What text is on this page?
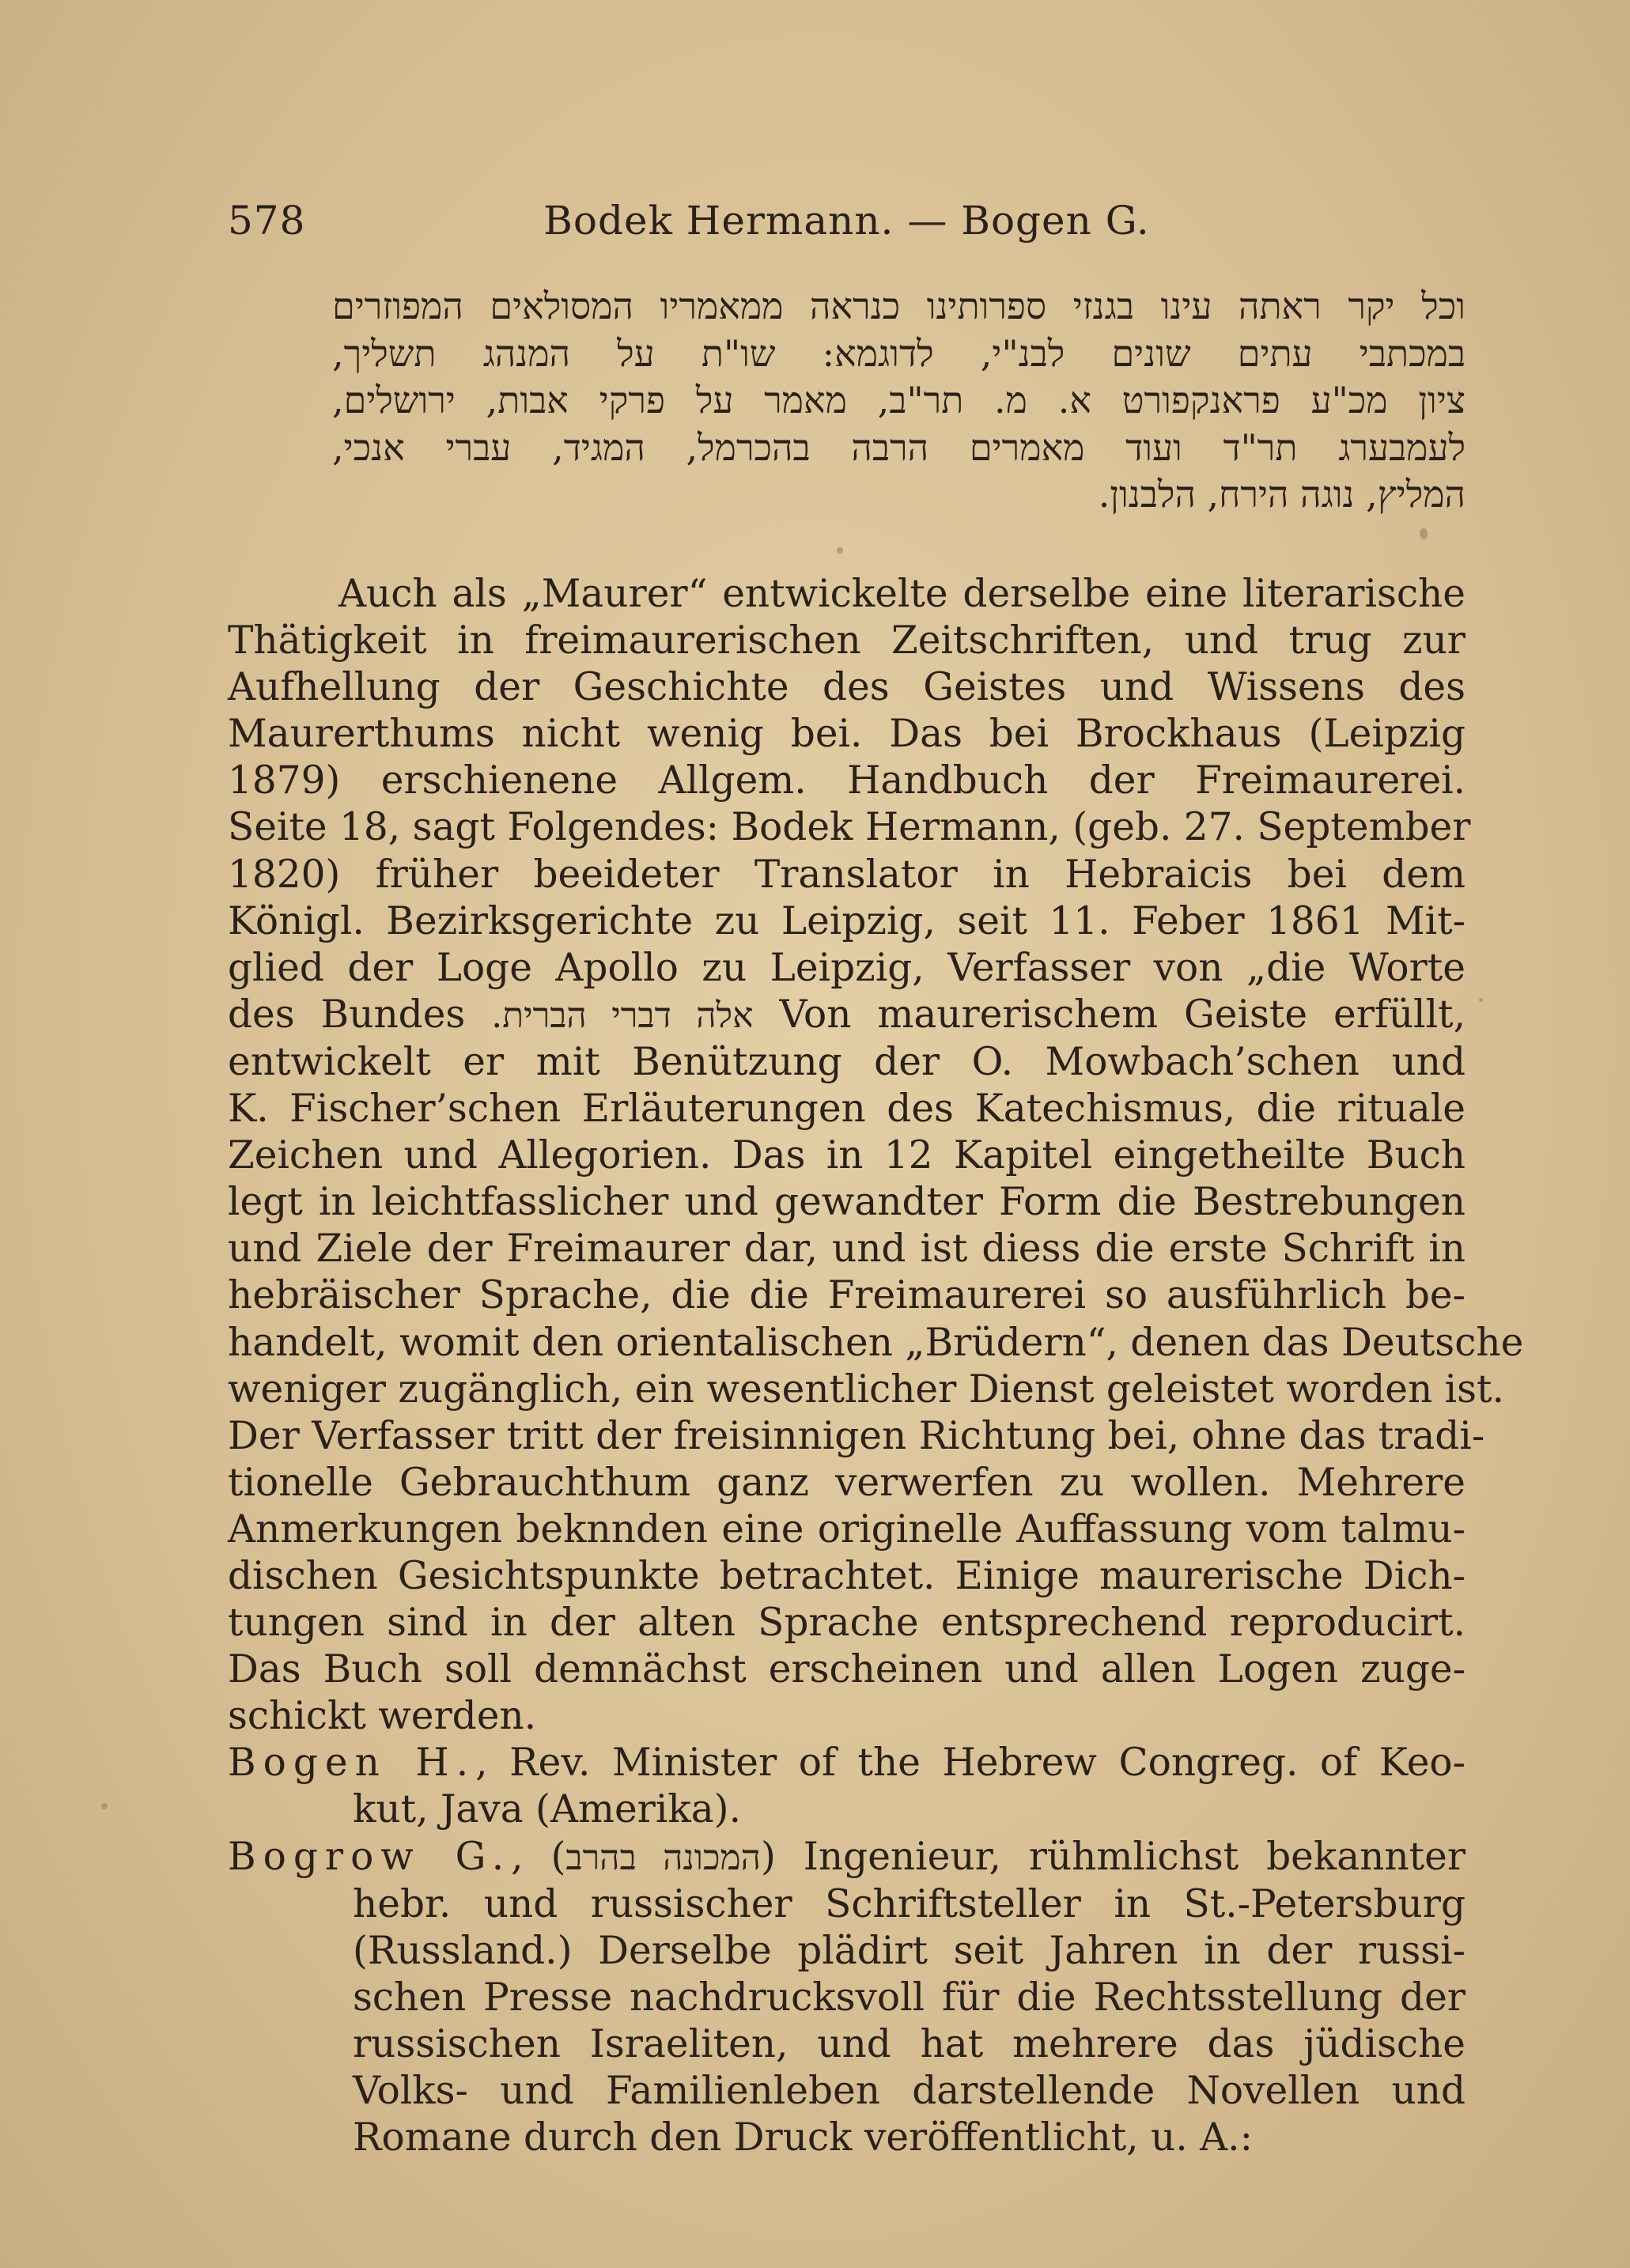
578	Bodek Hermann. — Bogen G.
וכל יקר ראתה עינו בגנזי ספרותינו כנראה ממאמריו המסולאים המפוזרים
במכתבי עתים שונים לבנ"י, לדוגמא: שו"ת על המנהג תשליך,
ציון מכ"ע פראנקפורט א. מ. תר"ב, מאמר על פרקי אבות, ירושלים,
לעמבערג תר"ד ועוד מאמרים הרבה בהכרמל, המגיד, עברי אנכי,
המליץ, נוגה הירח, הלבנון.
Auch als „Maurer“ entwickelte derselbe eine literarische
Thätigkeit in freimaurerischen Zeitschriften, und trug zur
Aufhellung der Geschichte des Geistes und Wissens des
Maurerthums nicht wenig bei. Das bei Brockhaus (Leipzig
1879) erschienene Allgem. Handbuch der Freimaurerei.
Seite 18, sagt Folgendes: Bodek Hermann, (geb. 27. September
1820) früher beeideter Translator in Hebraicis bei dem
Königl. Bezirksgerichte zu Leipzig, seit 11. Feber 1861 Mit-
glied der Loge Apollo zu Leipzig, Verfasser von „die Worte
des Bundes אלה דברי הברית. Von maurerischem Geiste erfüllt,
entwickelt er mit Benützung der O. Mowbach’schen und
K. Fischer’schen Erläuterungen des Katechismus, die rituale
Zeichen und Allegorien. Das in 12 Kapitel eingetheilte Buch
legt in leichtfasslicher und gewandter Form die Bestrebungen
und Ziele der Freimaurer dar, und ist diess die erste Schrift in
hebräischer Sprache, die die Freimaurerei so ausführlich be-
handelt, womit den orientalischen „Brüdern“, denen das Deutsche
weniger zugänglich, ein wesentlicher Dienst geleistet worden ist.
Der Verfasser tritt der freisinnigen Richtung bei, ohne das tradi-
tionelle Gebrauchthum ganz verwerfen zu wollen. Mehrere
Anmerkungen beknnden eine originelle Auffassung vom talmu-
dischen Gesichtspunkte betrachtet. Einige maurerische Dich-
tungen sind in der alten Sprache entsprechend reproducirt.
Das Buch soll demnächst erscheinen und allen Logen zuge-
schickt werden.
Bogen H., Rev. Minister of the Hebrew Congreg. of Keo-
kut, Java (Amerika).
Bogrow G., (המכונה בהרב) Ingenieur, rühmlichst bekannter
hebr. und russischer Schriftsteller in St.-Petersburg
(Russland.) Derselbe plädirt seit Jahren in der russi-
schen Presse nachdrucksvoll für die Rechtsstellung der
russischen Israeliten, und hat mehrere das jüdische
Volks- und Familienleben darstellende Novellen und
Romane durch den Druck veröffentlicht, u. A.:
